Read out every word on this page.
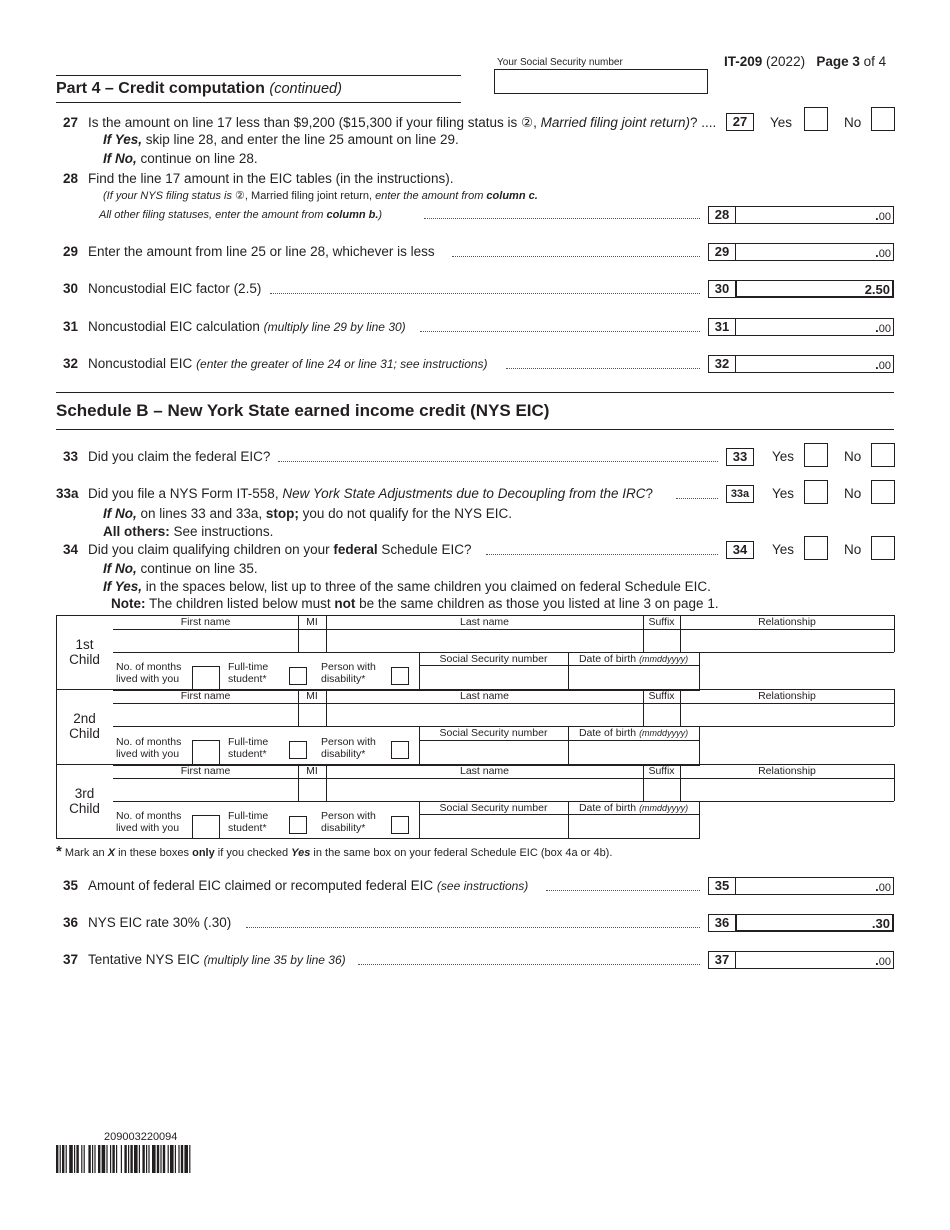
Your Social Security number	IT-209 (2022) Page 3 of 4
Part 4 – Credit computation (continued)
27 Is the amount on line 17 less than $9,200 ($15,300 if your filing status is ②, Married filing joint return)? ....	27	Yes	No
If Yes, skip line 28, and enter the line 25 amount on line 29.
If No, continue on line 28.
28 Find the line 17 amount in the EIC tables (in the instructions).
(If your NYS filing status is ②, Married filing joint return, enter the amount from column c.
All other filing statuses, enter the amount from column b.)	28	.00
29 Enter the amount from line 25 or line 28, whichever is less	29	.00
30 Noncustodial EIC factor (2.5)	30	2.50
31 Noncustodial EIC calculation (multiply line 29 by line 30)	31	.00
32 Noncustodial EIC (enter the greater of line 24 or line 31; see instructions)	32	.00
Schedule B – New York State earned income credit (NYS EIC)
33 Did you claim the federal EIC?	33	Yes	No
33a Did you file a NYS Form IT-558, New York State Adjustments due to Decoupling from the IRC?	33a	Yes	No
If No, on lines 33 and 33a, stop; you do not qualify for the NYS EIC.
All others: See instructions.
34 Did you claim qualifying children on your federal Schedule EIC?	34	Yes	No
If No, continue on line 35.
If Yes, in the spaces below, list up to three of the same children you claimed on federal Schedule EIC.
Note: The children listed below must not be the same children as those you listed at line 3 on page 1.
1st
Child
First name	MI	Last name	Suffix	Relationship
No. of months
lived with you
Full-time
student*
Person with
disability*
Social Security number	Date of birth (mmddyyyy)
2nd
Child
First name	MI	Last name	Suffix	Relationship
No. of months
lived with you
Full-time
student*
Person with
disability*
Social Security number	Date of birth (mmddyyyy)
3rd
Child
First name	MI	Last name	Suffix	Relationship
No. of months
lived with you
Full-time
student*
Person with
disability*
Social Security number	Date of birth (mmddyyyy)
* Mark an X in these boxes only if you checked Yes in the same box on your federal Schedule EIC (box 4a or 4b).
35 Amount of federal EIC claimed or recomputed federal EIC (see instructions)	35	.00
36 NYS EIC rate 30% (.30)	36	.30
37 Tentative NYS EIC (multiply line 35 by line 36)	37	.00
209003220094
